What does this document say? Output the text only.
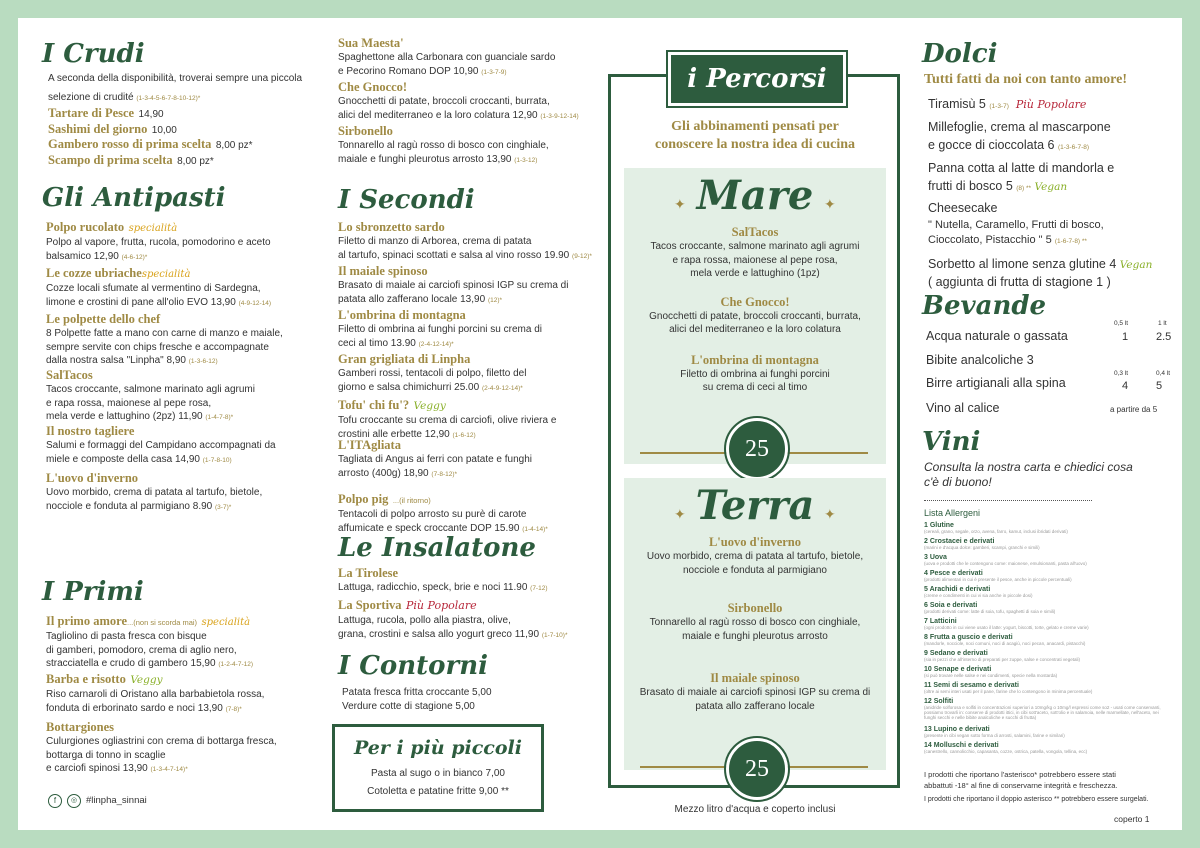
I Crudi
A seconda della disponibilità, troverai sempre una piccola
selezione di crudité (1-3-4-5-6-7-8-10-12)*
Tartare di Pesce 14,90
Sashimi del giorno 10,00
Gambero rosso di prima scelta 8,00 pz*
Scampo di prima scelta 8,00 pz*
Gli Antipasti
Polpo rucolato specialità
Polpo al vapore, frutta, rucola, pomodorino e aceto
balsamico 12,90 (4-6-12)*
Le cozze ubriachespecialità
Cozze locali sfumate al vermentino di Sardegna,
limone e crostini di pane all'olio EVO 13,90 (4-9-12-14)
Le polpette dello chef
8 Polpette fatte a mano con carne di manzo e maiale,
sempre servite con chips fresche e accompagnate
dalla nostra salsa "Linpha" 8,90 (1-3-6-12)
SalTacos
Tacos croccante, salmone marinato agli agrumi
e rapa rossa, maionese al pepe rosa,
mela verde e lattughino (2pz) 11,90 (1-4-7-8)*
Il nostro tagliere
Salumi e formaggi del Campidano accompagnati da
miele e composte della casa 14,90 (1-7-8-10)
L'uovo d'inverno
Uovo morbido, crema di patata al tartufo, bietole,
nocciole e fonduta al parmigiano 8.90 (3-7)*
I Primi
Il primo amore...(non si scorda mai) specialità
Tagliolino di pasta fresca con bisque
di gamberi, pomodoro, crema di aglio nero,
stracciatella e crudo di gambero 15,90 (1-2-4-7-12)
Barba e risotto Veggy
Riso carnaroli di Oristano alla barbabietola rossa,
fonduta di erborinato sardo e noci 13,90 (7-8)*
Bottargiones
Culurgiones ogliastrini con crema di bottarga fresca,
bottarga di tonno in scaglie
e carciofi spinosi 13,90 (1-3-4-7-14)*
f	◎ #linpha_sinnai
Sua Maesta'
Spaghettone alla Carbonara con guanciale sardo
e Pecorino Romano DOP 10,90 (1-3-7-9)
Che Gnocco!
Gnocchetti di patate, broccoli croccanti, burrata,
alici del mediterraneo e la loro colatura 12,90 (1-3-9-12-14)
Sirbonello
Tonnarello al ragù rosso di bosco con cinghiale,
maiale e funghi pleurotus arrosto 13,90 (1-3-12)
I Secondi
Lo sbronzetto sardo
Filetto di manzo di Arborea, crema di patata
al tartufo, spinaci scottati e salsa al vino rosso 19.90 (9-12)*
Il maiale spinoso
Brasato di maiale ai carciofi spinosi IGP su crema di
patata allo zafferano locale 13,90 (12)*
L'ombrina di montagna
Filetto di ombrina ai funghi porcini su crema di
ceci al timo 13.90 (2-4-12-14)*
Gran grigliata di Linpha
Gamberi rossi, tentacoli di polpo, filetto del
giorno e salsa chimichurri 25.00 (2-4-9-12-14)*
Tofu' chi fu'? Veggy
Tofu croccante su crema di carciofi, olive riviera e
crostini alle erbette 12,90 (1-6-12)
L'ITAgliata
Tagliata di Angus ai ferri con patate e funghi
arrosto (400g) 18,90 (7-8-12)*
Polpo pig ...(il ritorno)
Tentacoli di polpo arrosto su purè di carote
affumicate e speck croccante DOP 15.90 (1-4-14)*
Le Insalatone
La Tirolese
Lattuga, radicchio, speck, brie e noci 11.90 (7-12)
La Sportiva Più Popolare
Lattuga, rucola, pollo alla piastra, olive,
grana, crostini e salsa allo yogurt greco 11,90 (1-7-10)*
I Contorni
Patata fresca fritta croccante 5,00
Verdure cotte di stagione 5,00
Per i più piccoli
Pasta al sugo o in bianco 7,00
Cotoletta e patatine fritte 9,00 **
i Percorsi
Gli abbinamenti pensati per
conoscere la nostra idea di cucina
Mare
✦	✦
SalTacos
Tacos croccante, salmone marinato agli agrumi
e rapa rossa, maionese al pepe rosa,
mela verde e lattughino (1pz)
Che Gnocco!
Gnocchetti di patate, broccoli croccanti, burrata,
alici del mediterraneo e la loro colatura
L'ombrina di montagna
Filetto di ombrina ai funghi porcini
su crema di ceci al timo
25
Terra
✦	✦
L'uovo d'inverno
Uovo morbido, crema di patata al tartufo, bietole,
nocciole e fonduta al parmigiano
Sirbonello
Tonnarello al ragù rosso di bosco con cinghiale,
maiale e funghi pleurotus arrosto
Il maiale spinoso
Brasato di maiale ai carciofi spinosi IGP su crema di
patata allo zafferano locale
25
Mezzo litro d'acqua e coperto inclusi
Dolci
Tutti fatti da noi con tanto amore!
Tiramisù 5 (1-3-7) Più Popolare
Millefoglie, crema al mascarpone
e gocce di cioccolata 6 (1-3-6-7-8)
Panna cotta al latte di mandorla e
frutti di bosco 5 (8) ** Vegan
Cheesecake
" Nutella, Caramello, Frutti di bosco,
Cioccolato, Pistacchio " 5 (1-6-7-8) **
Sorbetto al limone senza glutine 4 Vegan
( aggiunta di frutta di stagione 1 )
Bevande
0,5 lt	1 lt
Acqua naturale o gassata	1	2.5
Bibite analcoliche 3
0,3 lt	0,4 lt
Birre artigianali alla spina	4	5
Vino al calice	a partire da 5
Vini
Consulta la nostra carta e chiedici cosa
c'è di buono!
Lista Allergeni
1 Glutine
(cereali, grano, segale, orzo, avena, farro, kamut, inclusi ibridati derivati)
2 Crostacei e derivati
(marini e d'acqua dolce: gamberi, scampi, granchi e simili)
3 Uova
(uova e prodotti che le contengono come: maionese, emulsionanti, pasta all'uovo)
4 Pesce e derivati
(prodotti alimentari in cui è presente il pesce, anche in piccole percentuali)
5 Arachidi e derivati
(creme e condimenti in cui vi sia anche in piccole dosi)
6 Soia e derivati
(prodotti derivati come: latte di soia, tofu, spaghetti di soia e simili)
7 Latticini
(ogni prodotto in cui viene usato il latte: yogurt, biscotti, torte, gelato e creme varie)
8 Frutta a guscio e derivati
(mandorle, nocciole, noci comuni, noci di acagiù, noci pecan, anacardi, pistacchi)
9 Sedano e derivati
(sia in pezzi che all'interno di preparati per zuppe, salse e concentrati vegetali)
10 Senape e derivati
(si può trovare nelle salse e nei condimenti, specie nella mostarda)
11 Semi di sesamo e derivati
(oltre ai semi interi usati per il pane, farine che lo contengono in minima percentuale)
12 Solfiti
(anidride solforosa e solfiti in concentrazioni superiori a 10mg/kg o 10mg/l espressi come so2 - usati come conservanti, possiamo trovarli in: conserve di prodotti ittici, in cibi sott'aceto, sott'olio e in salamoia, nelle marmellate, nell'aceto, nei funghi secchi e nelle bibite analcoliche e succhi di frutta)
13 Lupino e derivati
(presente in cibi vegan sotto forma di arrosti, salamini, farine e similari)
14 Molluschi e derivati
(canestrello, cannolicchio, capasanta, cozze, ostrica, patella, vongola, tellina, ecc)
I prodotti che riportano l'asterisco* potrebbero essere stati
abbattuti -18° al fine di conservarne integrità e freschezza.
I prodotti che riportano il doppio asterisco ** potrebbero essere surgelati.
coperto 1
